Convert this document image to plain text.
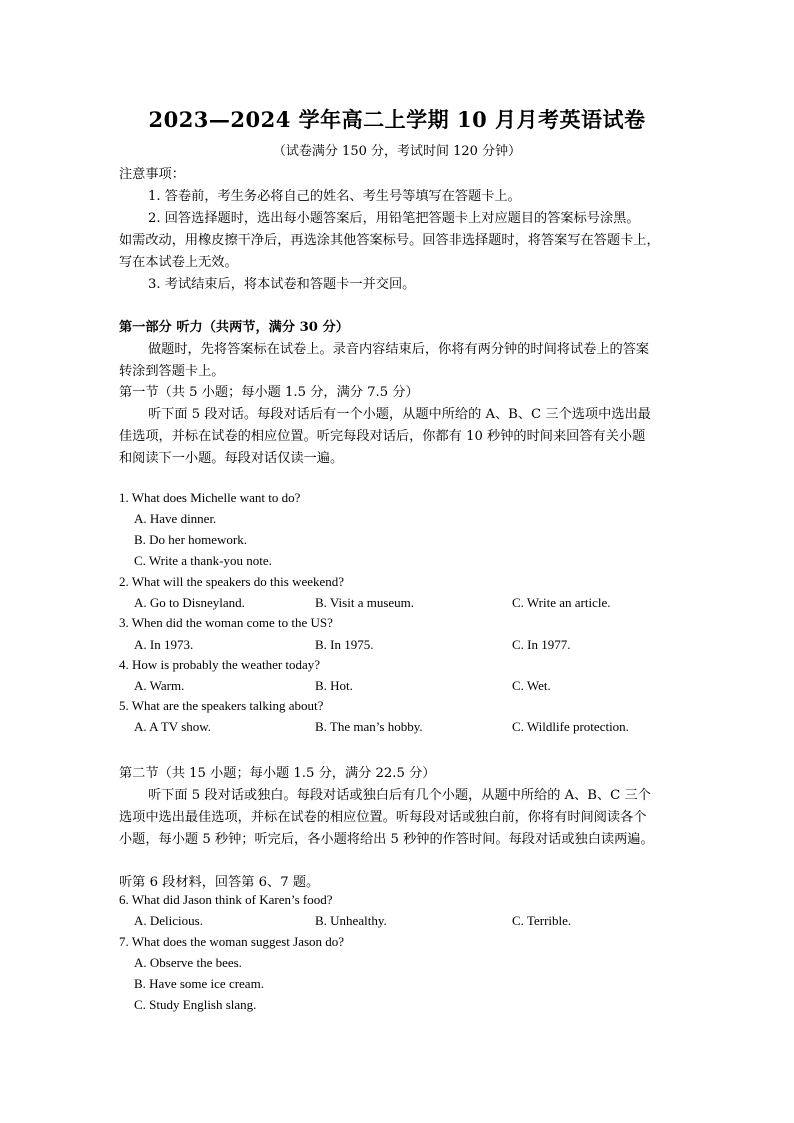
2023—2024 学年高二上学期 10 月月考英语试卷
（试卷满分 150 分，考试时间 120 分钟）
注意事项：
1. 答卷前，考生务必将自己的姓名、考生号等填写在答题卡上。
2. 回答选择题时，选出每小题答案后，用铅笔把答题卡上对应题目的答案标号涂黑。
如需改动，用橡皮擦干净后，再选涂其他答案标号。回答非选择题时，将答案写在答题卡上，
写在本试卷上无效。
3. 考试结束后，将本试卷和答题卡一并交回。
第一部分 听力（共两节，满分 30 分）
做题时，先将答案标在试卷上。录音内容结束后，你将有两分钟的时间将试卷上的答案
转涂到答题卡上。
第一节（共 5 小题；每小题 1.5 分，满分 7.5 分）
听下面 5 段对话。每段对话后有一个小题，从题中所给的 A、B、C 三个选项中选出最
佳选项，并标在试卷的相应位置。听完每段对话后，你都有 10 秒钟的时间来回答有关小题
和阅读下一小题。每段对话仅读一遍。
1. What does Michelle want to do?
A. Have dinner.
B. Do her homework.
C. Write a thank-you note.
2. What will the speakers do this weekend?
A. Go to Disneyland.	B. Visit a museum.	C. Write an article.
3. When did the woman come to the US?
A. In 1973.	B. In 1975.	C. In 1977.
4. How is probably the weather today?
A. Warm.	B. Hot.	C. Wet.
5. What are the speakers talking about?
A. A TV show.	B. The man’s hobby.	C. Wildlife protection.
第二节（共 15 小题；每小题 1.5 分，满分 22.5 分）
听下面 5 段对话或独白。每段对话或独白后有几个小题，从题中所给的 A、B、C 三个
选项中选出最佳选项，并标在试卷的相应位置。听每段对话或独白前，你将有时间阅读各个
小题，每小题 5 秒钟；听完后，各小题将给出 5 秒钟的作答时间。每段对话或独白读两遍。
听第 6 段材料，回答第 6、7 题。
6. What did Jason think of Karen’s food?
A. Delicious.	B. Unhealthy.	C. Terrible.
7. What does the woman suggest Jason do?
A. Observe the bees.
B. Have some ice cream.
C. Study English slang.
